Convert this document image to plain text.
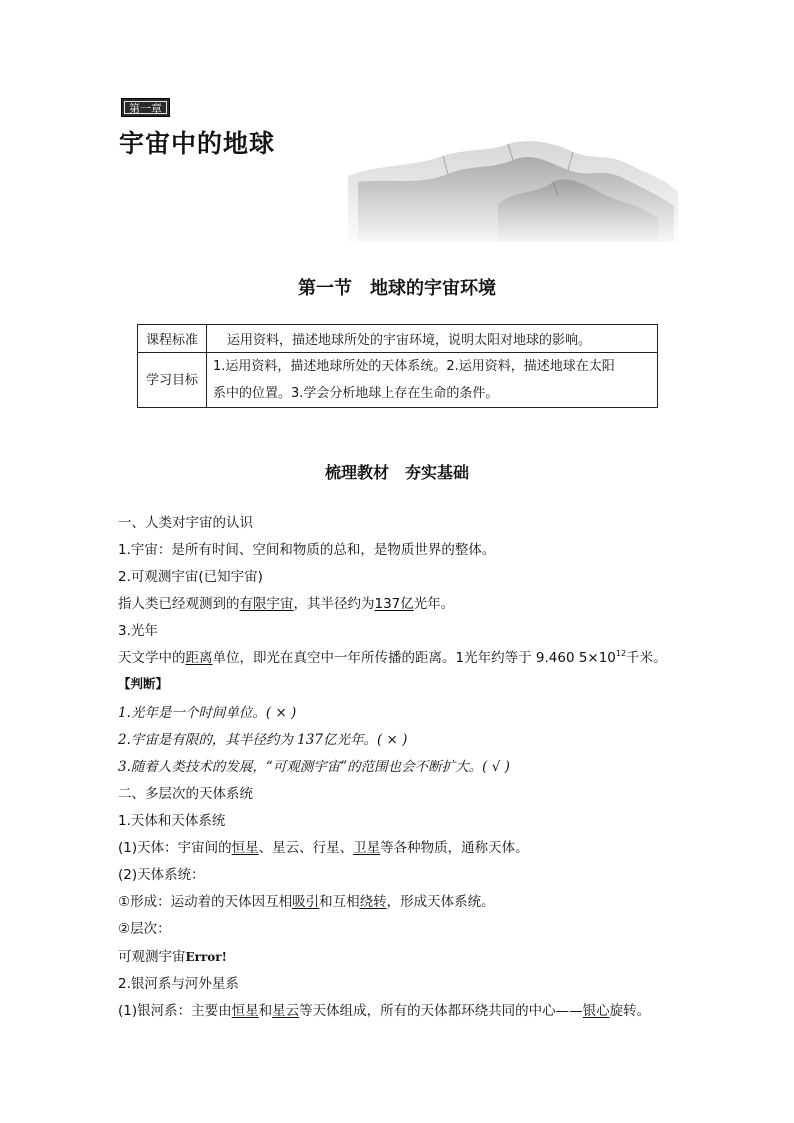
第一章
宇宙中的地球
第一节　地球的宇宙环境
课程标准	运用资料，描述地球所处的宇宙环境，说明太阳对地球的影响。
学习目标	1.运用资料，描述地球所处的天体系统。2.运用资料，描述地球在太阳
系中的位置。3.学会分析地球上存在生命的条件。
梳理教材　夯实基础
一、人类对宇宙的认识
1.宇宙：是所有时间、空间和物质的总和，是物质世界的整体。
2.可观测宇宙(已知宇宙)
指人类已经观测到的有限宇宙，其半径约为137亿光年。
3.光年
天文学中的距离单位，即光在真空中一年所传播的距离。1光年约等于 9.460 $5\times 10^{12}$千米。
【判断】
1.光年是一个时间单位。( × )
2.宇宙是有限的，其半径约为 137亿光年。( × )
3.随着人类技术的发展，“可观测宇宙”的范围也会不断扩大。( √ )
二、多层次的天体系统
1.天体和天体系统
(1)天体：宇宙间的恒星、星云、行星、卫星等各种物质，通称天体。
(2)天体系统：
①形成：运动着的天体因互相吸引和互相绕转，形成天体系统。
②层次：
可观测宇宙Error!
2.银河系与河外星系
(1)银河系：主要由恒星和星云等天体组成，所有的天体都环绕共同的中心——银心旋转。
